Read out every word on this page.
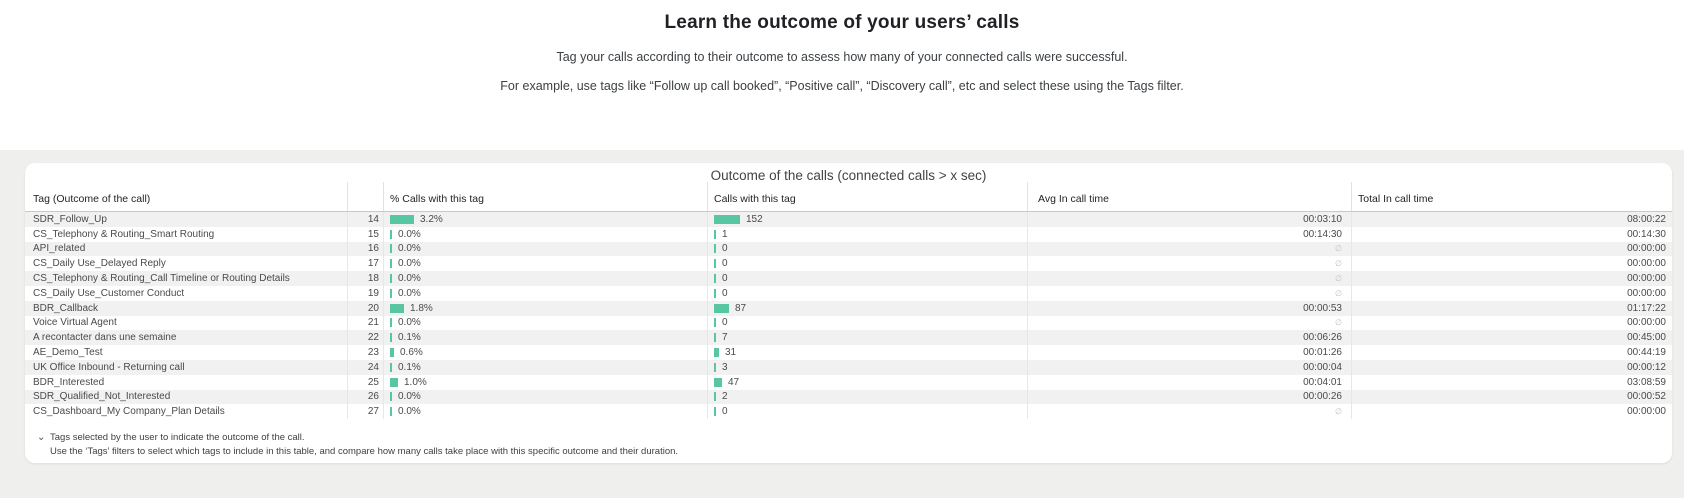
Learn the outcome of your users’ calls
Tag your calls according to their outcome to assess how many of your connected calls were successful.
For example, use tags like “Follow up call booked”, “Positive call”, “Discovery call”, etc and select these using the Tags filter.
Outcome of the calls (connected calls > x sec)
Tag (Outcome of the call)	% Calls with this tag	Calls with this tag	Avg In call time	Total In call time
SDR_Follow_Up	14	3.2%	152	00:03:10	08:00:22
CS_Telephony & Routing_Smart Routing	15	0.0%	1	00:14:30	00:14:30
API_related	16	0.0%	0	∅	00:00:00
CS_Daily Use_Delayed Reply	17	0.0%	0	∅	00:00:00
CS_Telephony & Routing_Call Timeline or Routing Details	18	0.0%	0	∅	00:00:00
CS_Daily Use_Customer Conduct	19	0.0%	0	∅	00:00:00
BDR_Callback	20	1.8%	87	00:00:53	01:17:22
Voice Virtual Agent	21	0.0%	0	∅	00:00:00
A recontacter dans une semaine	22	0.1%	7	00:06:26	00:45:00
AE_Demo_Test	23	0.6%	31	00:01:26	00:44:19
UK Office Inbound - Returning call	24	0.1%	3	00:00:04	00:00:12
BDR_Interested	25	1.0%	47	00:04:01	03:08:59
SDR_Qualified_Not_Interested	26	0.0%	2	00:00:26	00:00:52
CS_Dashboard_My Company_Plan Details	27	0.0%	0	∅	00:00:00
⌄ Tags selected by the user to indicate the outcome of the call.
Use the ‘Tags’ filters to select which tags to include in this table, and compare how many calls take place with this specific outcome and their duration.
